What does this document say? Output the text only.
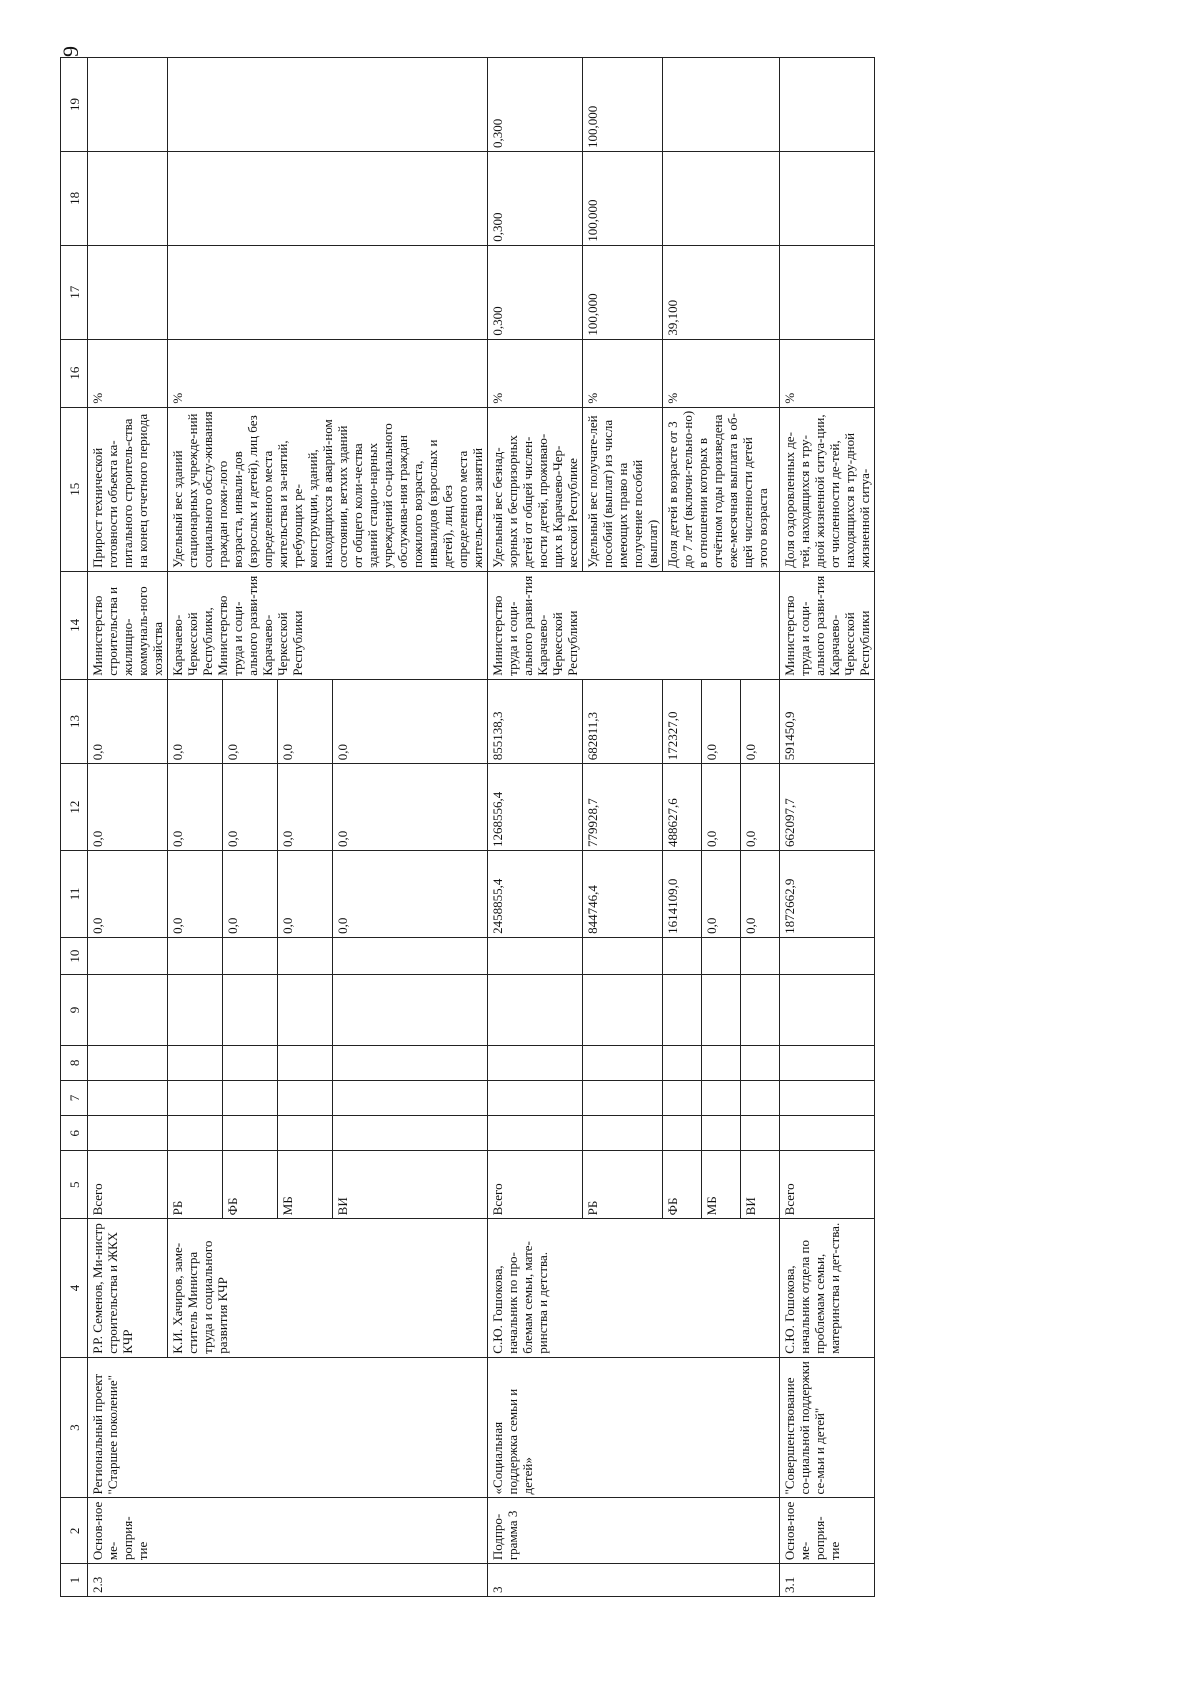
9
1	2	3	4	5	6	7	8	9	10	11	12	13	14	15	16	17	18	19
2.3	Основ-ное ме-роприя-тие	Региональный проект "Старшее поколение"	Р.Р. Семенов, Ми-нистр строительства и ЖКХ КЧР	Всего						0,0	0,0	0,0	Министерство строительства и жилищно-коммуналь-ного хозяйства	Прирост технической готовности объекта ка-питального строитель-ства на конец отчетного периода	%			
			К.И. Хачиров, заме-ститель Министра труда и социального развития КЧР	РБ						0,0	0,0	0,0	Карачаево-Черкесской Республики, Министерство труда и соци-ального разви-тия Карачаево-Черкесской Республики	Удельный вес зданий стационарных учрежде-ний социального обслу-живания граждан пожи-лого возраста, инвали-дов (взрослых и детей), лиц без определенного места жительства и за-нятий, требующих ре-конструкции, зданий, находящихся в аварий-ном состоянии, ветхих зданий от общего коли-чества зданий стацио-нарных учреждений со-циального обслужива-ния граждан пожилого возраста, инвалидов (взрослых и детей), лиц без определенного места жительства и занятий	%			
				ФБ						0,0	0,0	0,0						
				МБ						0,0	0,0	0,0						
				ВИ						0,0	0,0	0,0						
3	Подпро-грамма 3	«Социальная поддержка семьи и детей»	С.Ю. Гошокова, начальник по про-блемам семьи, мате-ринства и детства.	Всего						2458855,4	1268556,4	855138,3	Министерство труда и соци-ального разви-тия Карачаево-Черкесской Республики	Удельный вес безнад-зорных и беспризорных детей от общей числен-ности детей, проживаю-щих в Карачаево-Чер-кесской Республике	%	0,300	0,300	0,300
				РБ						844746,4	779928,7	682811,3		Удельный вес получате-лей пособий (выплат) из числа имеющих право на получение пособий (выплат)	%	100,000	100,000	100,000
				ФБ						1614109,0	488627,6	172327,0		Доля детей в возрасте от 3 до 7 лет (включи-тельно-но) в отношении которых в отчётном годы произведена еже-месячная выплата в об-щей численности детей этого возраста	%	39,100		
				МБ						0,0	0,0	0,0						
				ВИ						0,0	0,0	0,0						
3.1	Основ-ное ме-роприя-тие	"Совершенствование со-циальной поддержки се-мьи и детей"	С.Ю. Гошокова, начальник отдела по проблемам семьи, материнства и дет-ства.	Всего						1872662,9	662097,7	591450,9	Министерство труда и соци-ального разви-тия Карачаево-Черкесской Республики	Доля оздоровленных де-тей, находящихся в тру-дной жизненной ситуа-ции, от численности де-тей, находящихся в тру-дной жизненной ситуа-	%			
